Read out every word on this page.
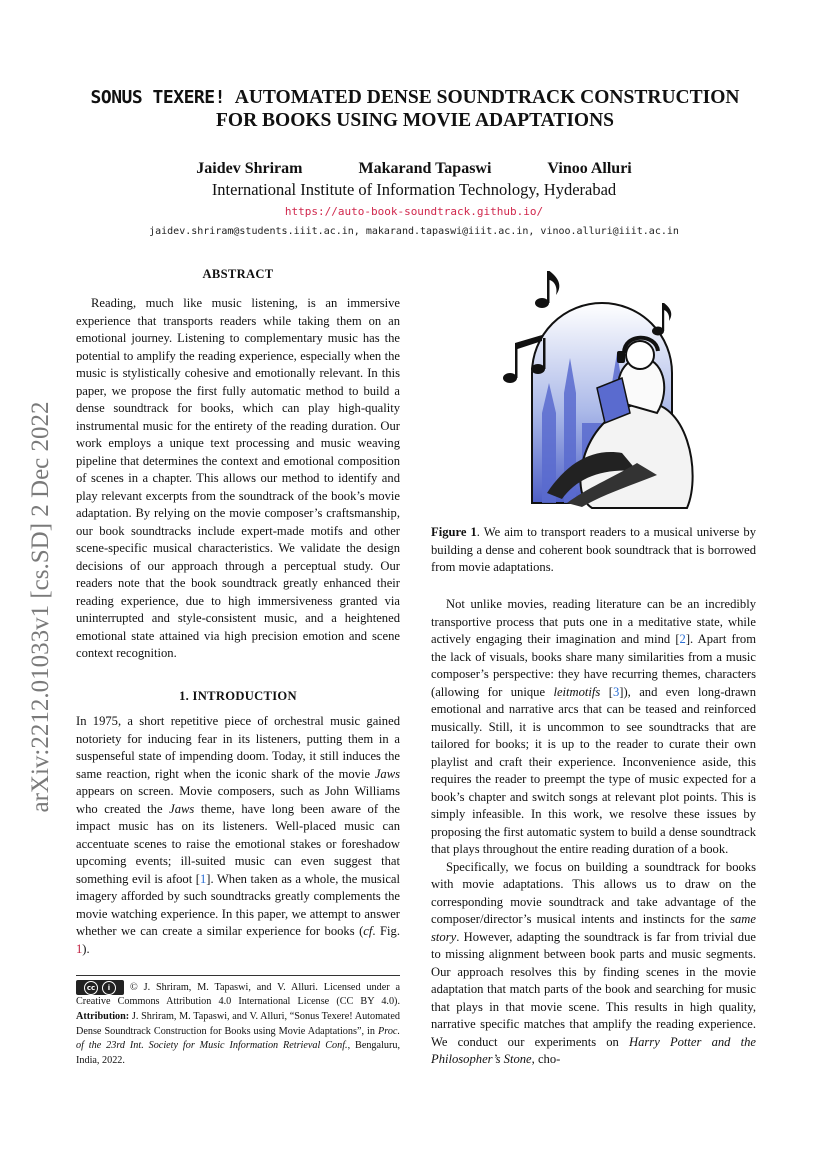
arXiv:2212.01033v1 [cs.SD] 2 Dec 2022
SONUS TEXERE! AUTOMATED DENSE SOUNDTRACK CONSTRUCTION
FOR BOOKS USING MOVIE ADAPTATIONS
Jaidev Shriram	Makarand Tapaswi	Vinoo Alluri
International Institute of Information Technology, Hyderabad
https://auto-book-soundtrack.github.io/
jaidev.shriram@students.iiit.ac.in, makarand.tapaswi@iiit.ac.in, vinoo.alluri@iiit.ac.in
ABSTRACT

Reading, much like music listening, is an immersive experience that transports readers while taking them on an emotional journey. Listening to complementary music has the potential to amplify the reading experience, especially when the music is stylistically cohesive and emotionally relevant. In this paper, we propose the first fully automatic method to build a dense soundtrack for books, which can play high-quality instrumental music for the entirety of the reading duration. Our work employs a unique text processing and music weaving pipeline that determines the context and emotional composition of scenes in a chapter. This allows our method to identify and play relevant excerpts from the soundtrack of the book’s movie adaptation. By relying on the movie composer’s craftsmanship, our book soundtracks include expert-made motifs and other scene-specific musical characteristics. We validate the design decisions of our approach through a perceptual study. Our readers note that the book soundtrack greatly enhanced their reading experience, due to high immersiveness granted via uninterrupted and style-consistent music, and a heightened emotional state attained via high precision emotion and scene context recognition.

1. INTRODUCTION

In 1975, a short repetitive piece of orchestral music gained notoriety for inducing fear in its listeners, putting them in a suspenseful state of impending doom. Today, it still induces the same reaction, right when the iconic shark of the movie Jaws appears on screen. Movie composers, such as John Williams who created the Jaws theme, have long been aware of the impact music has on its listeners. Well-placed music can accentuate scenes to raise the emotional stakes or foreshadow upcoming events; ill-suited music can even suggest that something evil is afoot [1]. When taken as a whole, the musical imagery afforded by such soundtracks greatly complements the movie watching experience. In this paper, we attempt to answer whether we can create a similar experience for books (cf. Fig. 1).

cc i © J. Shriram, M. Tapaswi, and V. Alluri. Licensed under a Creative Commons Attribution 4.0 International License (CC BY 4.0). Attribution: J. Shriram, M. Tapaswi, and V. Alluri, “Sonus Texere! Automated Dense Soundtrack Construction for Books using Movie Adaptations”, in Proc. of the 23rd Int. Society for Music Information Retrieval Conf., Bengaluru, India, 2022.

Figure 1. We aim to transport readers to a musical universe by building a dense and coherent book soundtrack that is borrowed from movie adaptations.

Not unlike movies, reading literature can be an incredibly transportive process that puts one in a meditative state, while actively engaging their imagination and mind [2]. Apart from the lack of visuals, books share many similarities from a music composer’s perspective: they have recurring themes, characters (allowing for unique leitmotifs [3]), and even long-drawn emotional and narrative arcs that can be teased and reinforced musically. Still, it is uncommon to see soundtracks that are tailored for books; it is up to the reader to curate their own playlist and craft their experience. Inconvenience aside, this requires the reader to preempt the type of music expected for a book’s chapter and switch songs at relevant plot points. This is simply infeasible. In this work, we resolve these issues by proposing the first automatic system to build a dense soundtrack that plays throughout the entire reading duration of a book.

Specifically, we focus on building a soundtrack for books with movie adaptations. This allows us to draw on the corresponding movie soundtrack and take advantage of the composer/director’s musical intents and instincts for the same story. However, adapting the soundtrack is far from trivial due to missing alignment between book parts and music segments. Our approach resolves this by finding scenes in the movie adaptation that match parts of the book and searching for music that plays in that movie scene. This results in high quality, narrative specific matches that amplify the reading experience. We conduct our experiments on Harry Potter and the Philosopher’s Stone, cho-
